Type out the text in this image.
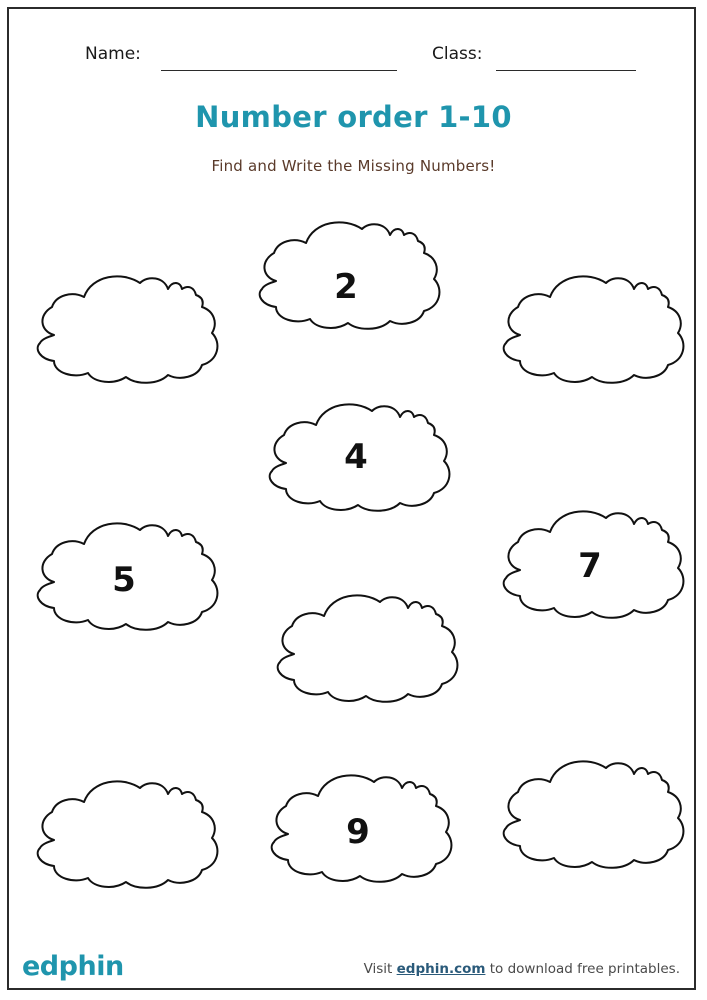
Name:	Class:
Number order 1-10
Find and Write the Missing Numbers!
2
4
5	7
9
edphin	Visit edphin.com to download free printables.
